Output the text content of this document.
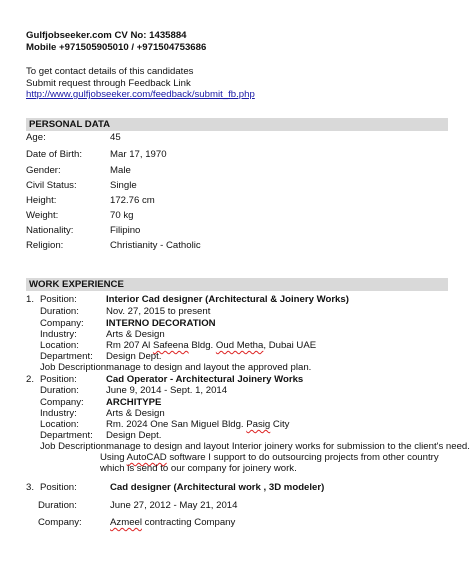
Gulfjobseeker.com CV No: 1435884
Mobile +971505905010 / +971504753686
To get contact details of this candidates
Submit request through Feedback Link
http://www.gulfjobseeker.com/feedback/submit_fb.php
PERSONAL DATA
Age:	45
Date of Birth:	Mar 17, 1970
Gender:	Male
Civil Status:	Single
Height:	172.76 cm
Weight:	70 kg
Nationality:	Filipino
Religion:	Christianity - Catholic
WORK EXPERIENCE
1. Position:	Interior Cad designer (Architectural & Joinery Works)
Duration:	Nov. 27, 2015 to present
Company: INTERNO DECORATION
Industry:	Arts & Design
Location:	Rm 207 Al Safeena Bldg. Oud Metha, Dubai UAE
Department: Design Dept.
Job Description:
manage to design and layout the approved plan.
2. Position:	Cad Operator - Architectural Joinery Works
Duration:	June 9, 2014 - Sept. 1, 2014
Company: ARCHITYPE
Industry:	Arts & Design
Location:	Rm. 2024 One San Miguel Bldg. Pasig City
Department: Design Dept.
Job Description:
manage to design and layout Interior joinery works for submission to the client's need.
Using AutoCAD software I support to do outsourcing projects from other country
which is send to our company for joinery work.
3. Position:	Cad designer (Architectural work , 3D modeler)
Duration:	June 27, 2012 - May 21, 2014
Company:	Azmeel contracting Company
